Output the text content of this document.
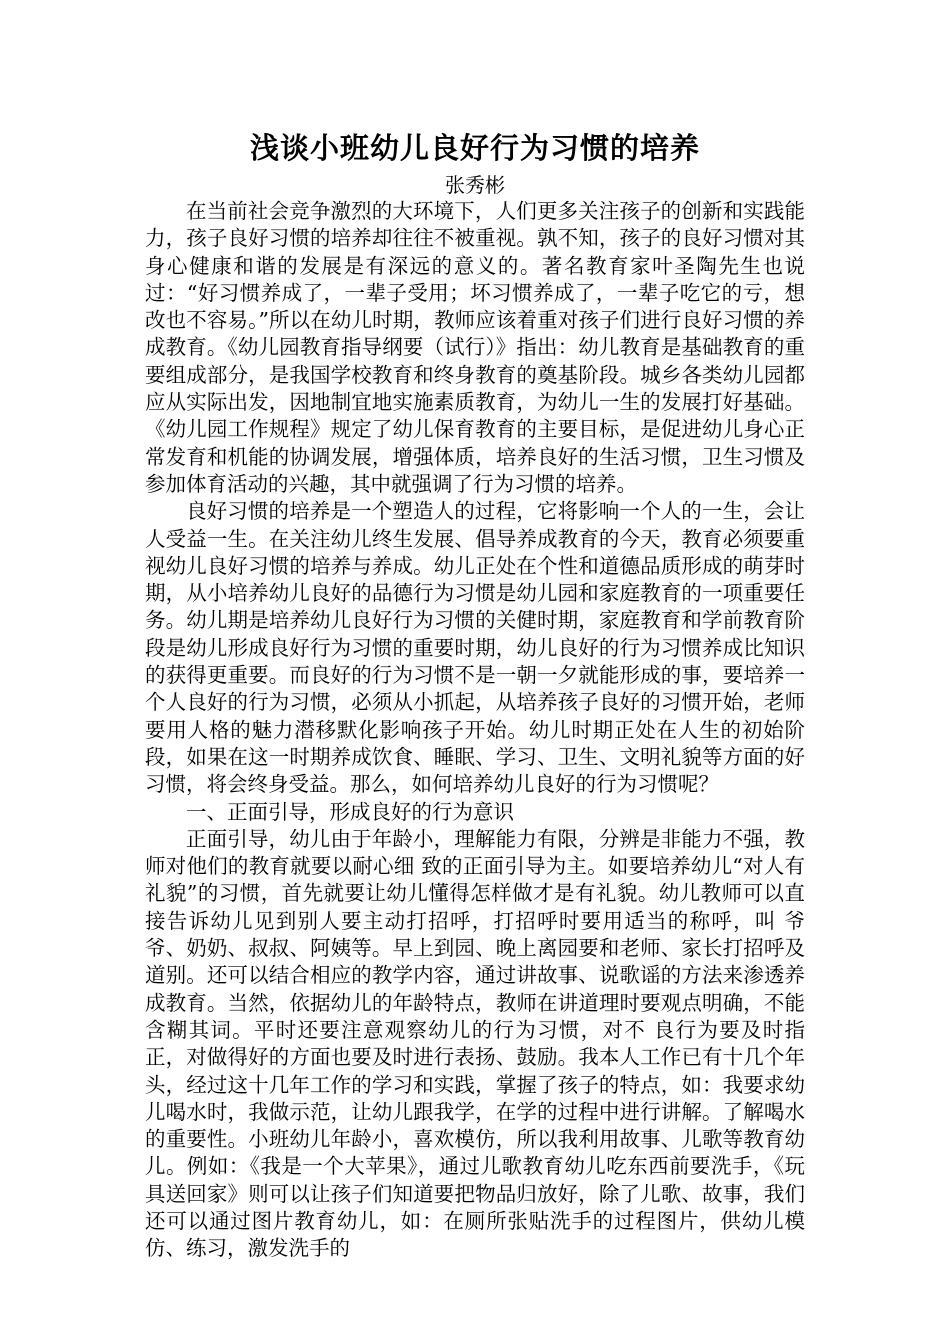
浅谈小班幼儿良好行为习惯的培养
张秀彬

在当前社会竞争激烈的大环境下，人们更多关注孩子的创新和实践能力，孩子良好习惯的培养却往往不被重视。孰不知，孩子的良好习惯对其身心健康和谐的发展是有深远的意义的。著名教育家叶圣陶先生也说过：“好习惯养成了，一辈子受用；坏习惯养成了，一辈子吃它的亏，想改也不容易。”所以在幼儿时期，教师应该着重对孩子们进行良好习惯的养成教育。《幼儿园教育指导纲要（试行）》指出：幼儿教育是基础教育的重要组成部分，是我国学校教育和终身教育的奠基阶段。城乡各类幼儿园都应从实际出发，因地制宜地实施素质教育，为幼儿一生的发展打好基础。《幼儿园工作规程》规定了幼儿保育教育的主要目标，是促进幼儿身心正常发育和机能的协调发展，增强体质，培养良好的生活习惯，卫生习惯及参加体育活动的兴趣，其中就强调了行为习惯的培养。

良好习惯的培养是一个塑造人的过程，它将影响一个人的一生，会让人受益一生。在关注幼儿终生发展、倡导养成教育的今天，教育必须要重视幼儿良好习惯的培养与养成。幼儿正处在个性和道德品质形成的萌芽时期，从小培养幼儿良好的品德行为习惯是幼儿园和家庭教育的一项重要任务。幼儿期是培养幼儿良好行为习惯的关健时期，家庭教育和学前教育阶段是幼儿形成良好行为习惯的重要时期，幼儿良好的行为习惯养成比知识的获得更重要。而良好的行为习惯不是一朝一夕就能形成的事，要培养一个人良好的行为习惯，必须从小抓起，从培养孩子良好的习惯开始，老师要用人格的魅力潜移默化影响孩子开始。幼儿时期正处在人生的初始阶段，如果在这一时期养成饮食、睡眠、学习、卫生、文明礼貌等方面的好习惯，将会终身受益。那么，如何培养幼儿良好的行为习惯呢？

一、正面引导，形成良好的行为意识

正面引导，幼儿由于年龄小，理解能力有限，分辨是非能力不强，教师对他们的教育就要以耐心细 致的正面引导为主。如要培养幼儿“对人有礼貌”的习惯，首先就要让幼儿懂得怎样做才是有礼貌。幼儿教师可以直接告诉幼儿见到别人要主动打招呼，打招呼时要用适当的称呼，叫 爷爷、奶奶、叔叔、阿姨等。早上到园、晚上离园要和老师、家长打招呼及道别。还可以结合相应的教学内容，通过讲故事、说歌谣的方法来渗透养成教育。当然，依据幼儿的年龄特点，教师在讲道理时要观点明确，不能含糊其词。平时还要注意观察幼儿的行为习惯，对不 良行为要及时指正，对做得好的方面也要及时进行表扬、鼓励。我本人工作已有十几个年头，经过这十几年工作的学习和实践，掌握了孩子的特点，如：我要求幼儿喝水时，我做示范，让幼儿跟我学，在学的过程中进行讲解。了解喝水的重要性。小班幼儿年龄小，喜欢模仿，所以我利用故事、儿歌等教育幼儿。例如：《我是一个大苹果》，通过儿歌教育幼儿吃东西前要洗手，《玩具送回家》则可以让孩子们知道要把物品归放好，除了儿歌、故事，我们还可以通过图片教育幼儿，如：在厕所张贴洗手的过程图片，供幼儿模仿、练习，激发洗手的
